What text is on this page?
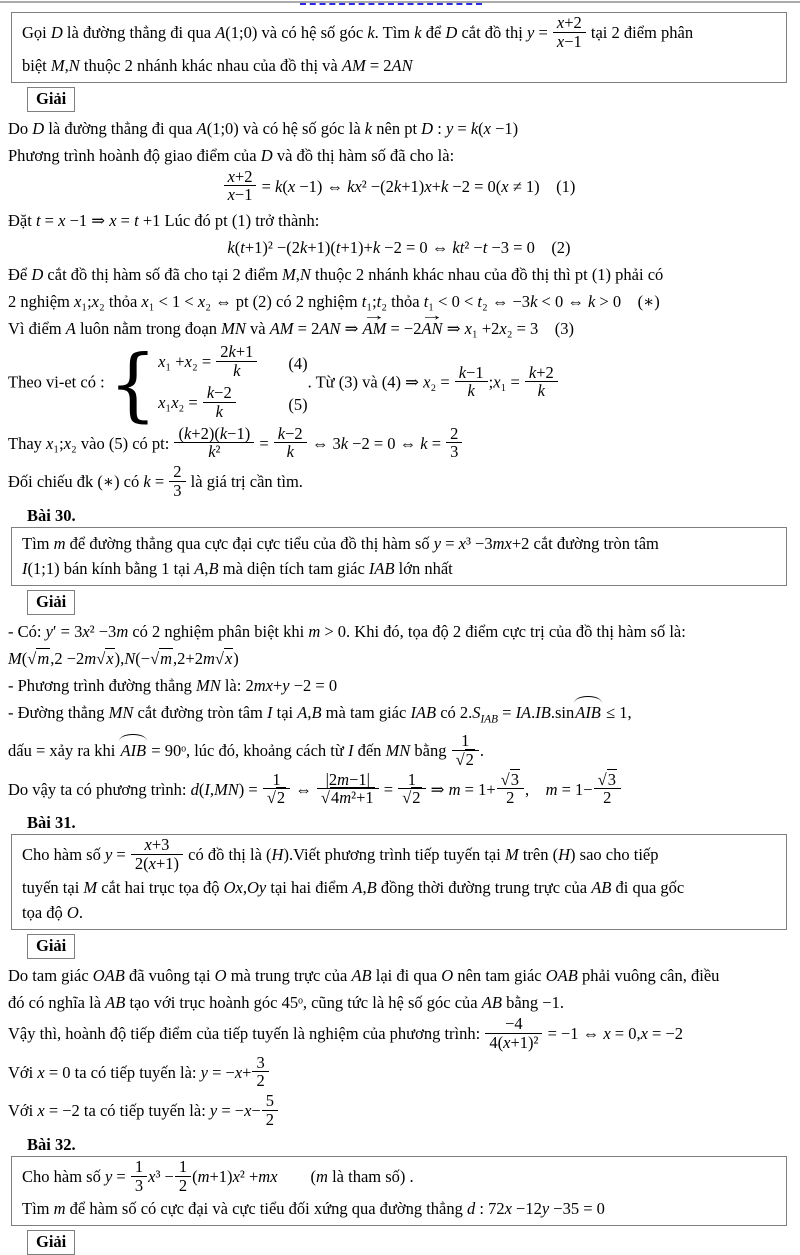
Gọi D là đường thẳng đi qua A(1;0) và có hệ số góc k. Tìm k để D cắt đồ thị $y = \frac{x+2}{x-1}$ tại 2 điểm phân
biệt M,N thuộc 2 nhánh khác nhau của đồ thị và AM = 2AN
Giải
Do D là đường thẳng đi qua A(1;0) và có hệ số góc là k nên pt D : y = k(x −1)
Phương trình hoành độ giao điểm của D và đồ thị hàm số đã cho là:
$\frac{x+2}{x-1} = k(x -1)$ ⇔ kx² −(2k+1)x+k −2 = 0(x ≠ 1)    (1)
Đặt t = x −1 ⇒ x = t +1 Lúc đó pt (1) trở thành:
k(t+1)² −(2k+1)(t+1)+k −2 = 0 ⇔ kt² −t −3 = 0    (2)
Để D cắt đồ thị hàm số đã cho tại 2 điểm M,N thuộc 2 nhánh khác nhau của đồ thị thì pt (1) phải có
2 nghiệm x₁;x₂ thỏa x₁ < 1 < x₂ ⇔ pt (2) có 2 nghiệm t₁;t₂ thỏa t₁ < 0 < t₂ ⇔ −3k < 0 ⇔ k > 0    (∗)
Vì điểm A luôn nằm trong đoạn MN và AM = 2AN ⇒ → AM = −2→ AN ⇒ x₁ +2x₂ = 3    (3)
Theo vi-et có : { $x_1 +x_2 = \frac{2k+1}{k}$	(4)
$x_1x_2 = \frac{k-2}{k}$	(5)
. Từ (3) và (4) ⇒ $x_2 = \frac{k-1}{k}$ ;x₁ = $\frac{k+2}{k}$
Thay x₁;x₂ vào (5) có pt: $\frac{(k+2)(k-1)}{\text{k²}} = \frac{k-2}{k}$ ⇔ 3k −2 = 0 ⇔ $k = \frac{2}{3}$
Đối chiếu đk (∗) có $k = \frac{2}{3}$ là giá trị cần tìm.
Bài 30.
Tìm m để đường thẳng qua cực đại cực tiểu của đồ thị hàm số y = x³ −3mx+2 cắt đường tròn tâm
I(1;1) bán kính bằng 1 tại A,B mà diện tích tam giác IAB lớn nhất
Giải
- Có: y′ = 3x² −3m có 2 nghiệm phân biệt khi m > 0. Khi đó, tọa độ 2 điểm cực trị của đồ thị hàm số là:
M(√m,2 −2m√x),N(−√m,2+2m√x)
- Phương trình đường thẳng MN là: 2mx+y −2 = 0
- Đường thẳng MN cắt đường tròn tâm I tại A,B mà tam giác IAB có $2.S_{IAB}$ = IA.IB.sinAIB ≤ 1,
dấu = xảy ra khi AIB = 90ᵒ, lúc đó, khoảng cách từ I đến MN bằng $\frac{1}{√2}$ .
Do vậy ta có phương trình: $d(I,MN) = \frac{1}{√2}$ ⇔ $\frac{|2m-1|}{\text{√4m²+1}} = \frac{1}{√2}$ ⇒ $m = 1+ \frac{√3}{2}$ ,    $m = 1- \frac{√3}{2}$
Bài 31.
Cho hàm số $y = \frac{x+3}{2(x+1)}$ có đồ thị là (H).Viết phương trình tiếp tuyến tại M trên (H) sao cho tiếp
tuyến tại M cắt hai trục tọa độ Ox,Oy tại hai điểm A,B đồng thời đường trung trực của AB đi qua gốc
tọa độ O.
Giải
Do tam giác OAB đã vuông tại O mà trung trực của AB lại đi qua O nên tam giác OAB phải vuông cân, điều
đó có nghĩa là AB tạo với trục hoành góc 45ᵒ, cũng tức là hệ số góc của AB bằng −1.
Vậy thì, hoành độ tiếp điểm của tiếp tuyến là nghiệm của phương trình: $\frac{-4}{\text{4(x+1)²}} = -1$ ⇔ x = 0,x = −2
Với x = 0 ta có tiếp tuyến là: $y = -x+ \frac{3}{2}$
Với x = −2 ta có tiếp tuyến là: $y = -x- \frac{5}{2}$
Bài 32.
Cho hàm số $y = \frac{1}{3} x^3 - \frac{1}{2} (m+1)x^2 +mx$        (m là tham số) .
Tìm m để hàm số có cực đại và cực tiểu đối xứng qua đường thẳng d : 72x −12y −35 = 0
Giải
